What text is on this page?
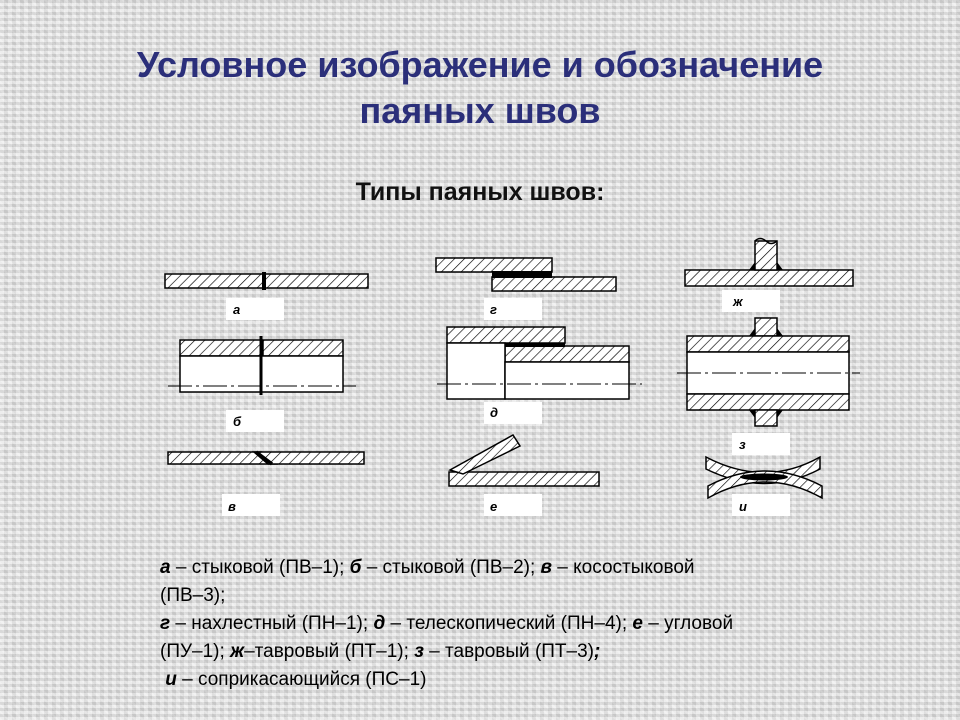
Условное изображение и обозначение
паяных швов

Типы паяных швов:

а
б
в
г
д
е
ж
з
и

а – стыковой (ПВ–1); б – стыковой (ПВ–2); в – косостыковой

(ПВ–3);

г – нахлестный (ПН–1); д – телескопический (ПН–4); е – угловой

(ПУ–1); ж–тавровый (ПТ–1); з – тавровый (ПТ–3);

и – соприкасающийся (ПС–1)
